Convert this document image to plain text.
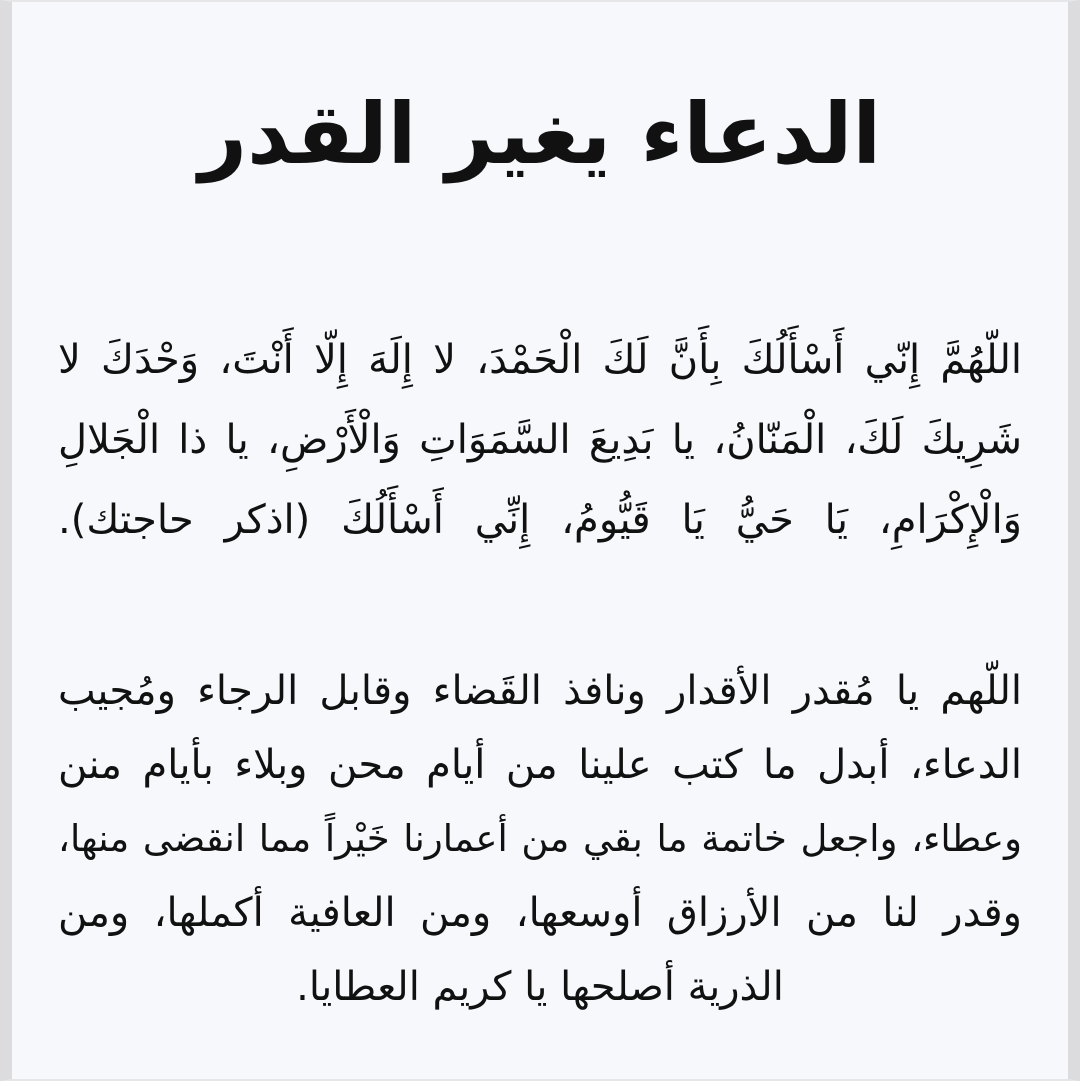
الدعاء يغير القدر
اللّهُمَّ إِنّي أَسْأَلُكَ بِأَنَّ لَكَ الْحَمْدَ، لا إِلَهَ إِلّا أَنْتَ، وَحْدَكَ لا
شَرِيكَ لَكَ، الْمَنّانُ، يا بَدِيعَ السَّمَوَاتِ وَالْأَرْضِ، يا ذا الْجَلالِ
وَالْإِكْرَامِ، يَا حَيُّ يَا قَيُّومُ، إِنِّي أَسْأَلُكَ (اذكر حاجتك).
اللّهم يا مُقدر الأقدار ونافذ القَضاء وقابل الرجاء ومُجيب
الدعاء، أبدل ما كتب علينا من أيام محن وبلاء بأيام منن
وعطاء، واجعل خاتمة ما بقي من أعمارنا خَيْراً مما انقضى منها،
وقدر لنا من الأرزاق أوسعها، ومن العافية أكملها، ومن
الذرية أصلحها يا كريم العطايا.
